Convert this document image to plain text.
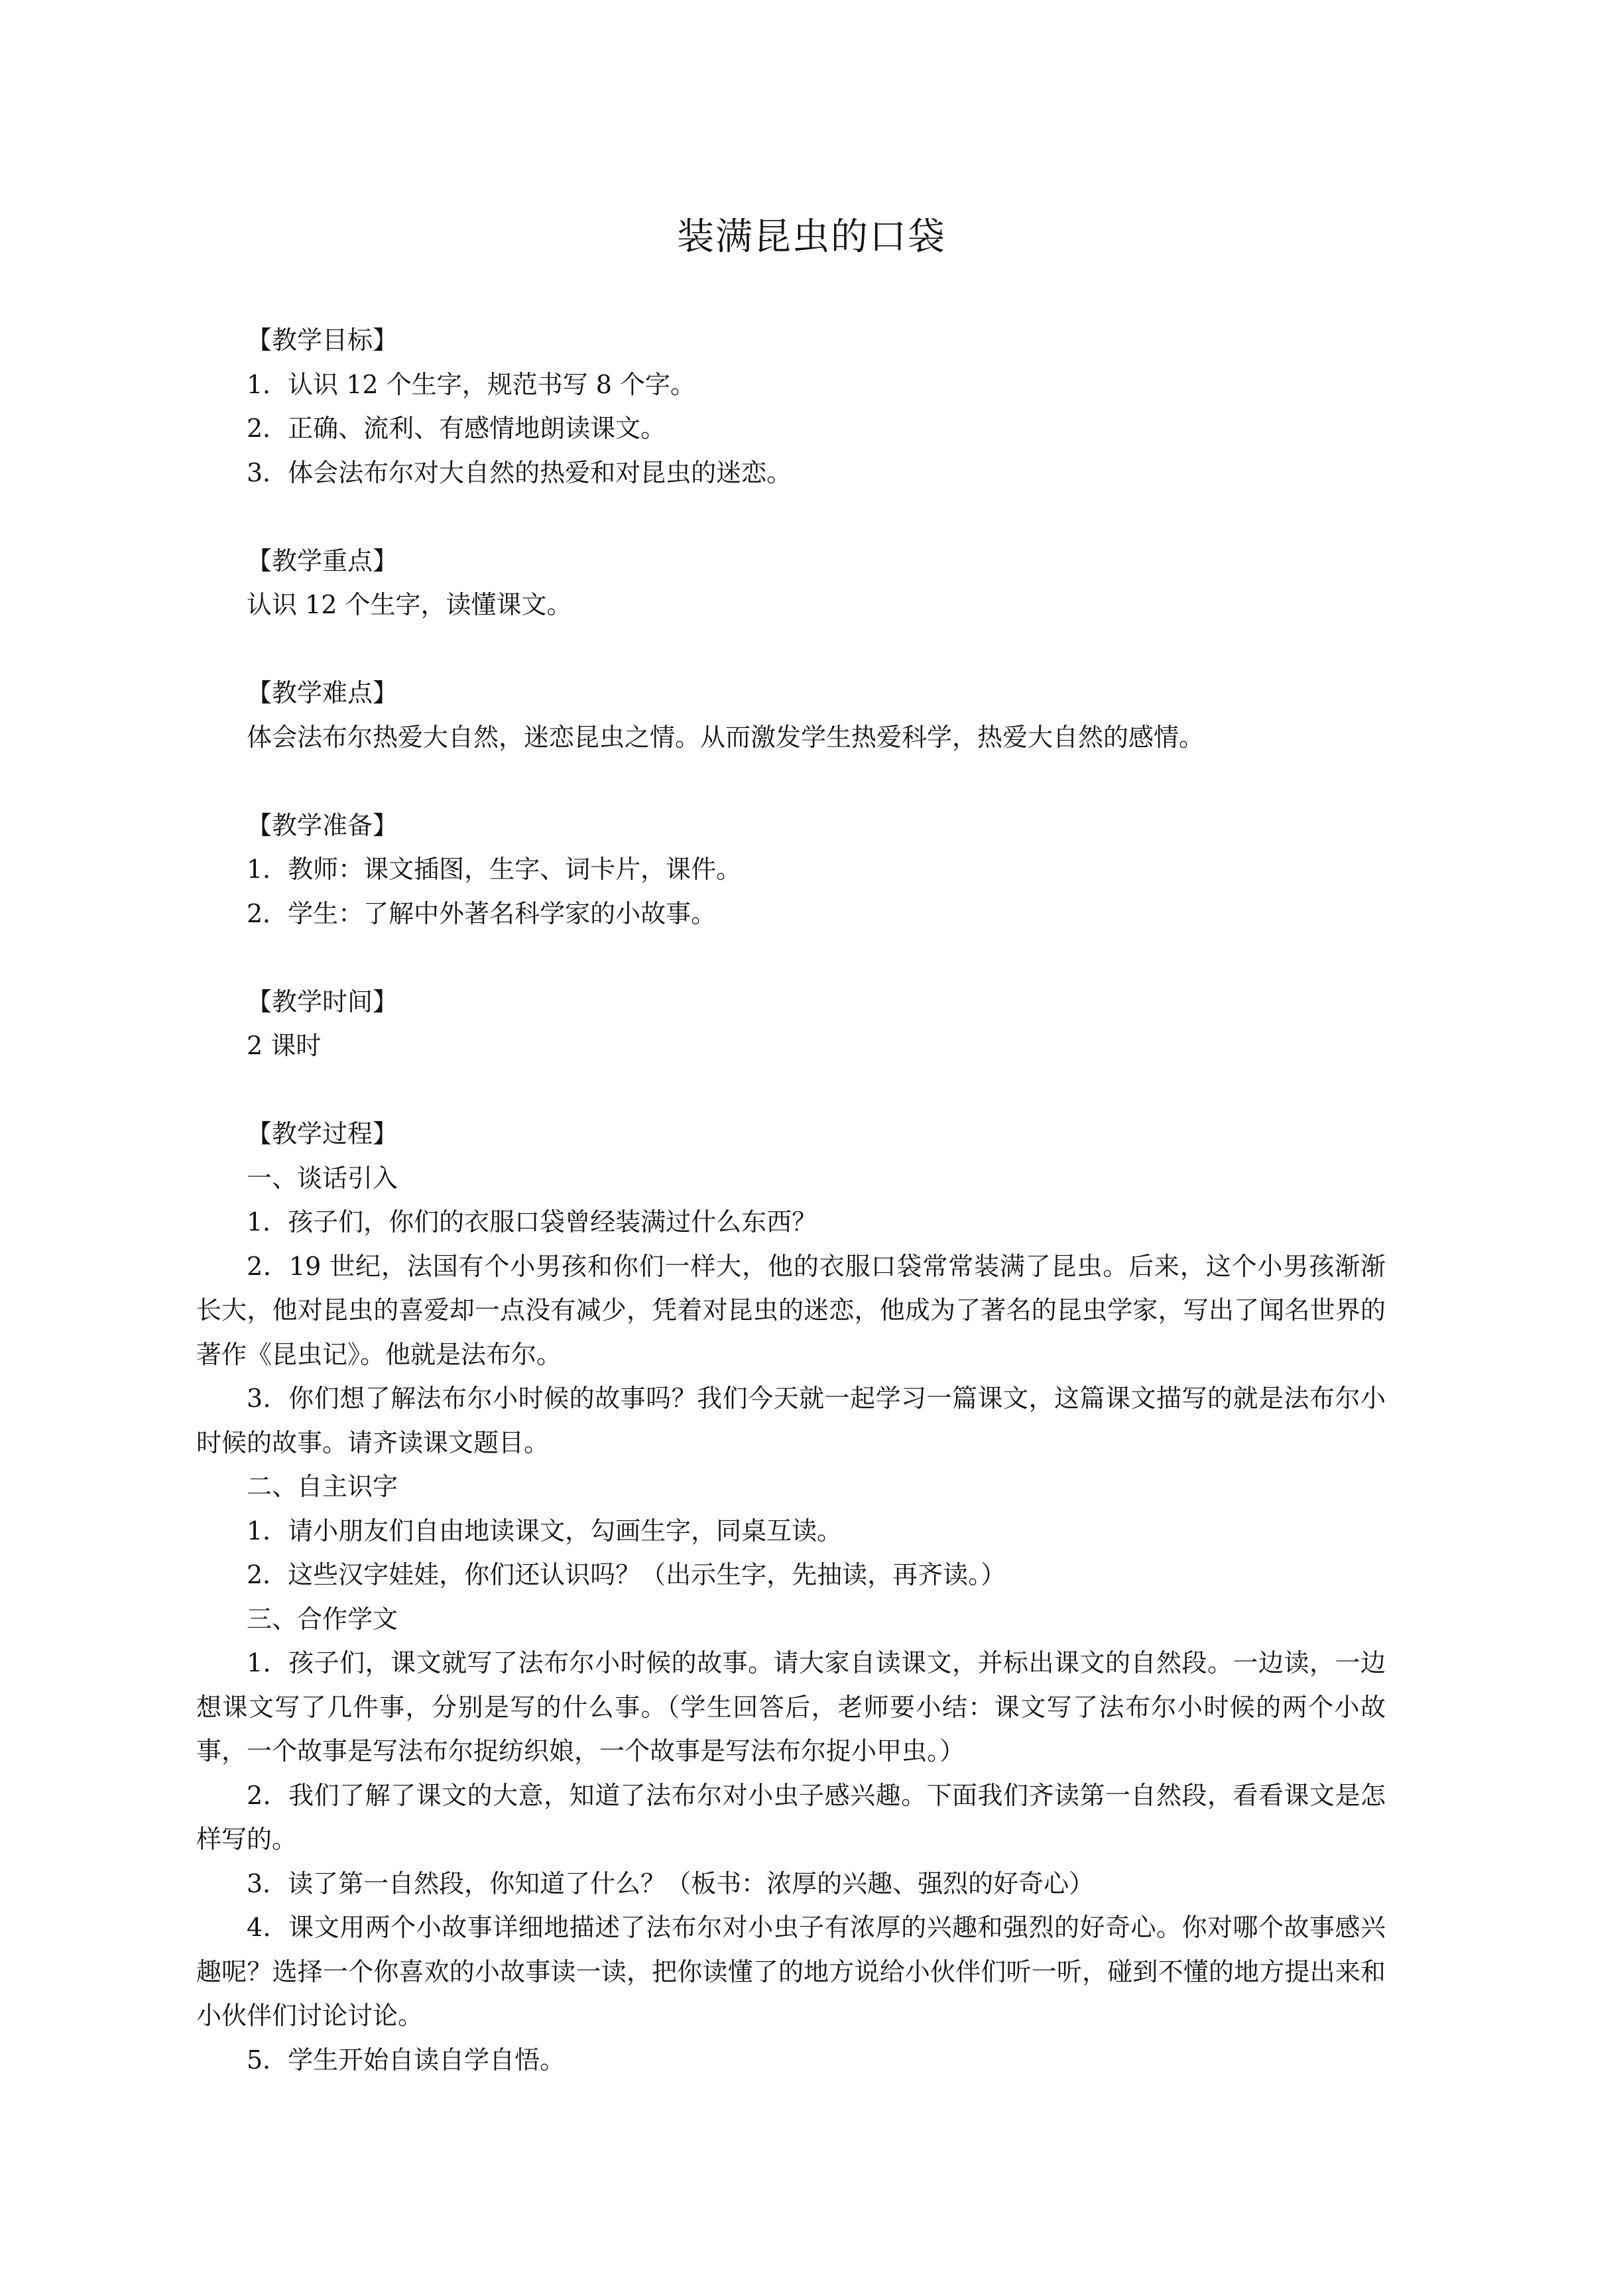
装满昆虫的口袋
【教学目标】
1．认识 12 个生字，规范书写 8 个字。
2．正确、流利、有感情地朗读课文。
3．体会法布尔对大自然的热爱和对昆虫的迷恋。
【教学重点】
认识 12 个生字，读懂课文。
【教学难点】
体会法布尔热爱大自然，迷恋昆虫之情。从而激发学生热爱科学，热爱大自然的感情。
【教学准备】
1．教师：课文插图，生字、词卡片，课件。
2．学生：了解中外著名科学家的小故事。
【教学时间】
2 课时
【教学过程】
一、谈话引入
1．孩子们，你们的衣服口袋曾经装满过什么东西？
2．19 世纪，法国有个小男孩和你们一样大，他的衣服口袋常常装满了昆虫。后来，这个小男孩渐渐长大，他对昆虫的喜爱却一点没有减少，凭着对昆虫的迷恋，他成为了著名的昆虫学家，写出了闻名世界的著作《昆虫记》。他就是法布尔。
3．你们想了解法布尔小时候的故事吗？我们今天就一起学习一篇课文，这篇课文描写的就是法布尔小时候的故事。请齐读课文题目。
二、自主识字
1．请小朋友们自由地读课文，勾画生字，同桌互读。
2．这些汉字娃娃，你们还认识吗？（出示生字，先抽读，再齐读。）
三、合作学文
1．孩子们，课文就写了法布尔小时候的故事。请大家自读课文，并标出课文的自然段。一边读，一边想课文写了几件事，分别是写的什么事。（学生回答后，老师要小结：课文写了法布尔小时候的两个小故事，一个故事是写法布尔捉纺织娘，一个故事是写法布尔捉小甲虫。）
2．我们了解了课文的大意，知道了法布尔对小虫子感兴趣。下面我们齐读第一自然段，看看课文是怎样写的。
3．读了第一自然段，你知道了什么？（板书：浓厚的兴趣、强烈的好奇心）
4．课文用两个小故事详细地描述了法布尔对小虫子有浓厚的兴趣和强烈的好奇心。你对哪个故事感兴趣呢？选择一个你喜欢的小故事读一读，把你读懂了的地方说给小伙伴们听一听，碰到不懂的地方提出来和小伙伴们讨论讨论。
5．学生开始自读自学自悟。
